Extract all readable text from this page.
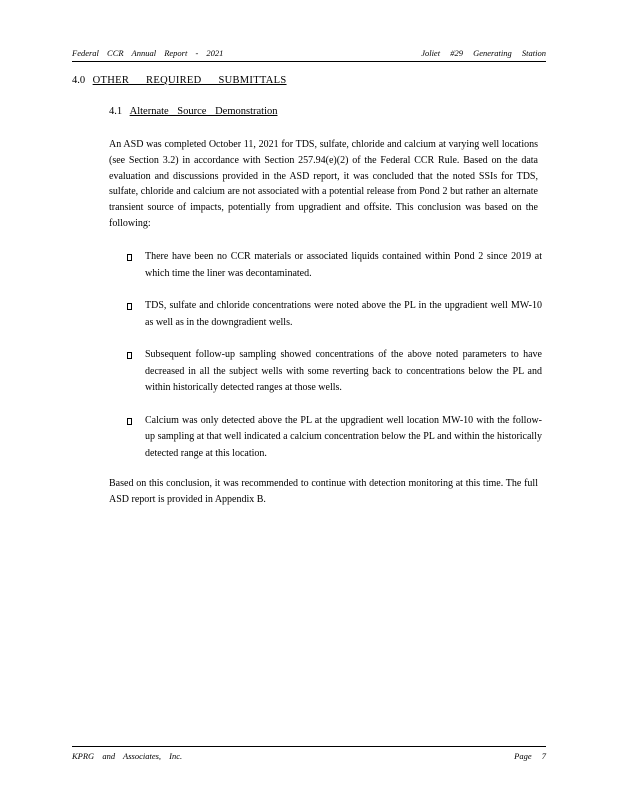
Federal CCR Annual Report - 2021	Joliet #29 Generating Station
4.0 OTHER REQUIRED SUBMITTALS
4.1 Alternate Source Demonstration
An ASD was completed October 11, 2021 for TDS, sulfate, chloride and calcium at varying well locations (see Section 3.2) in accordance with Section 257.94(e)(2) of the Federal CCR Rule. Based on the data evaluation and discussions provided in the ASD report, it was concluded that the noted SSIs for TDS, sulfate, chloride and calcium are not associated with a potential release from Pond 2 but rather an alternate transient source of impacts, potentially from upgradient and offsite. This conclusion was based on the following:
There have been no CCR materials or associated liquids contained within Pond 2 since 2019 at which time the liner was decontaminated.
TDS, sulfate and chloride concentrations were noted above the PL in the upgradient well MW-10 as well as in the downgradient wells.
Subsequent follow-up sampling showed concentrations of the above noted parameters to have decreased in all the subject wells with some reverting back to concentrations below the PL and within historically detected ranges at those wells.
Calcium was only detected above the PL at the upgradient well location MW-10 with the follow-up sampling at that well indicated a calcium concentration below the PL and within the historically detected range at this location.
Based on this conclusion, it was recommended to continue with detection monitoring at this time. The full ASD report is provided in Appendix B.
KPRG and Associates, Inc.	Page 7
